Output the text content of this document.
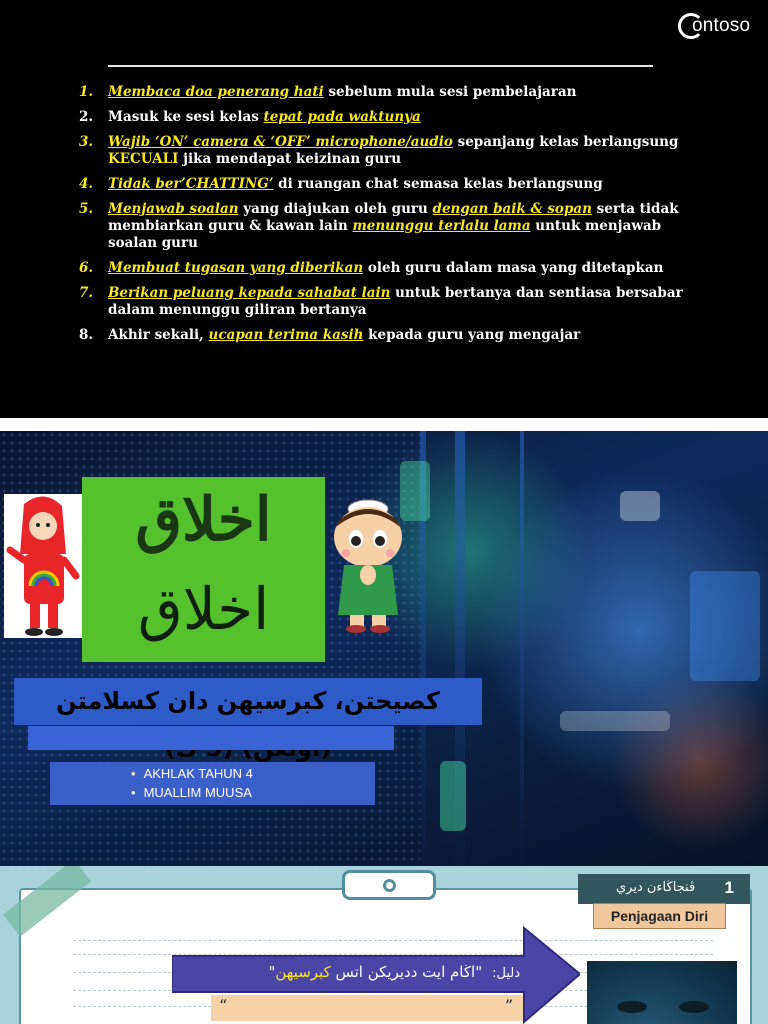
ontoso
1.	Membaca doa penerang hati sebelum mula sesi pembelajaran
2.	Masuk ke sesi kelas tepat pada waktunya
3.	Wajib ‘ON’ camera & ‘OFF’ microphone/audio sepanjang kelas berlangsung KECUALI jika mendapat keizinan guru
4.	Tidak ber’CHATTING’ di ruangan chat semasa kelas berlangsung
5.	Menjawab soalan yang diajukan oleh guru dengan baik & sopan serta tidak membiarkan guru & kawan lain menunggu terlalu lama untuk menjawab soalan guru
6.	Membuat tugasan yang diberikan oleh guru dalam masa yang ditetapkan
7.	Berikan peluang kepada sahabat lain untuk bertanya dan sentiasa bersabar dalam menunggu giliran bertanya
8.	Akhir sekali, ucapan terima kasih kepada guru yang mengajar
اخلاق
اخلاق
كصيحتن، كبرسيهن دان كسلامتن
• AKHLAK TAHUN 4
• MUALLIM MUUSA
ڤنجاڬاءن ديري 1
Penjagaan Diri
دليل:"اڬام ايت دديريكن اتس كبرسيهن"
“	”
